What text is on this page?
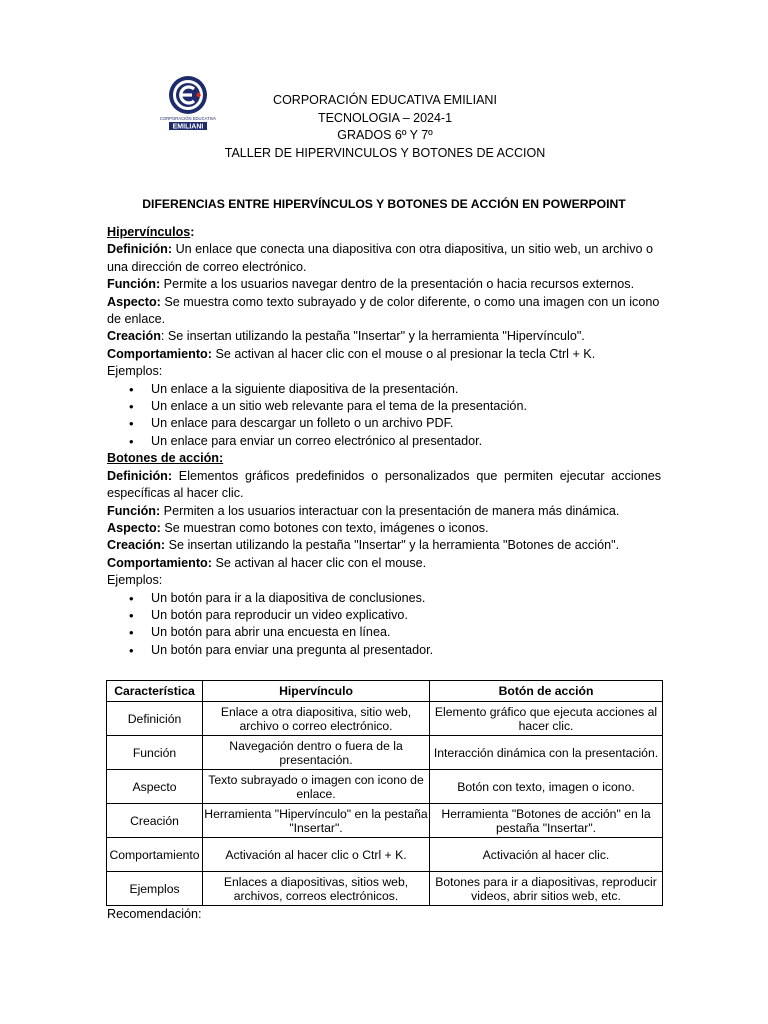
CORPORACIÓN EDUCATIVA
EMILIANI
CORPORACIÓN EDUCATIVA EMILIANI
TECNOLOGIA – 2024-1
GRADOS 6º Y 7º
TALLER DE HIPERVINCULOS Y BOTONES DE ACCION
DIFERENCIAS ENTRE HIPERVÍNCULOS Y BOTONES DE ACCIÓN EN POWERPOINT

Hipervínculos:

Definición: Un enlace que conecta una diapositiva con otra diapositiva, un sitio web, un archivo o una dirección de correo electrónico.

Función: Permite a los usuarios navegar dentro de la presentación o hacia recursos externos.

Aspecto: Se muestra como texto subrayado y de color diferente, o como una imagen con un icono de enlace.

Creación: Se insertan utilizando la pestaña "Insertar" y la herramienta "Hipervínculo".

Comportamiento: Se activan al hacer clic con el mouse o al presionar la tecla Ctrl + K.

Ejemplos:

• Un enlace a la siguiente diapositiva de la presentación.
• Un enlace a un sitio web relevante para el tema de la presentación.
• Un enlace para descargar un folleto o un archivo PDF.
• Un enlace para enviar un correo electrónico al presentador.

Botones de acción:

Definición: Elementos gráficos predefinidos o personalizados que permiten ejecutar acciones específicas al hacer clic.

Función: Permiten a los usuarios interactuar con la presentación de manera más dinámica.

Aspecto: Se muestran como botones con texto, imágenes o iconos.

Creación: Se insertan utilizando la pestaña "Insertar" y la herramienta "Botones de acción".

Comportamiento: Se activan al hacer clic con el mouse.

Ejemplos:

• Un botón para ir a la diapositiva de conclusiones.
• Un botón para reproducir un video explicativo.
• Un botón para abrir una encuesta en línea.
• Un botón para enviar una pregunta al presentador.
Característica	Hipervínculo	Botón de acción
Definición	Enlace a otra diapositiva, sitio web, archivo o correo electrónico.	Elemento gráfico que ejecuta acciones al hacer clic.
Función	Navegación dentro o fuera de la presentación.	Interacción dinámica con la presentación.
Aspecto	Texto subrayado o imagen con icono de enlace.	Botón con texto, imagen o icono.
Creación	Herramienta "Hipervínculo" en la pestaña "Insertar".	Herramienta "Botones de acción" en la pestaña "Insertar".
Comportamiento	Activación al hacer clic o Ctrl + K.	Activación al hacer clic.
Ejemplos	Enlaces a diapositivas, sitios web, archivos, correos electrónicos.	Botones para ir a diapositivas, reproducir videos, abrir sitios web, etc.
Recomendación:
